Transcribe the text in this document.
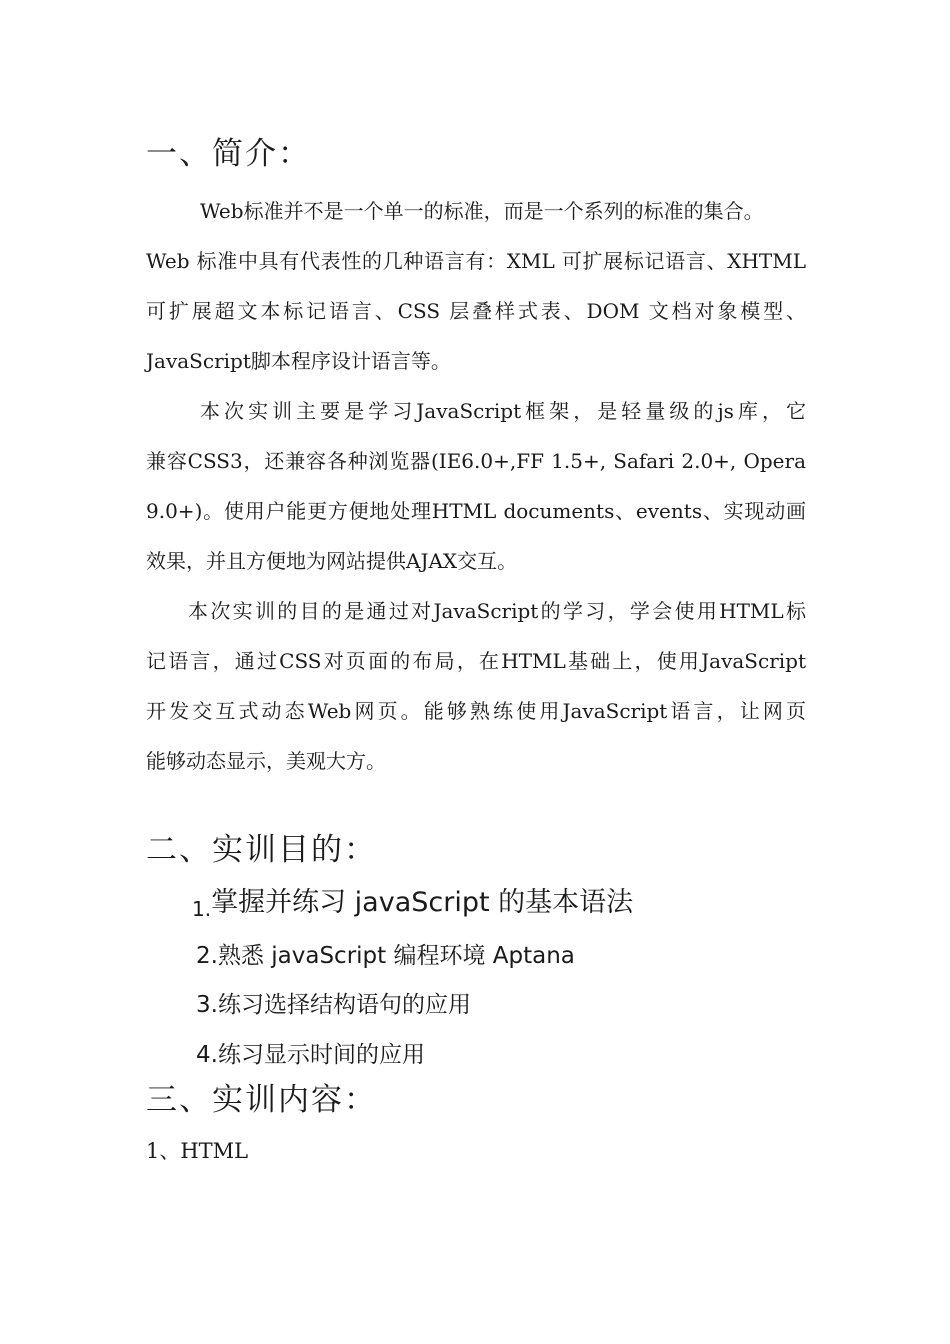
一、简介：
Web标准并不是一个单一的标准，而是一个系列的标准的集合。
Web 标准中具有代表性的几种语言有：XML 可扩展标记语言、XHTML
可扩展超文本标记语言、CSS 层叠样式表、DOM 文档对象模型、
JavaScript脚本程序设计语言等。
本次实训主要是学习JavaScript框架，是轻量级的js库，它
兼容CSS3，还兼容各种浏览器(IE6.0+,FF 1.5+, Safari 2.0+, Opera
9.0+)。使用户能更方便地处理HTML documents、events、实现动画
效果，并且方便地为网站提供AJAX交互。
本次实训的目的是通过对JavaScript的学习，学会使用HTML标
记语言，通过CSS对页面的布局，在HTML基础上，使用JavaScript
开发交互式动态Web网页。能够熟练使用JavaScript语言，让网页
能够动态显示，美观大方。
二、实训目的：
1.掌握并练习 javaScript 的基本语法
2.熟悉 javaScript 编程环境 Aptana
3.练习选择结构语句的应用
4.练习显示时间的应用
三、实训内容：
1、HTML
